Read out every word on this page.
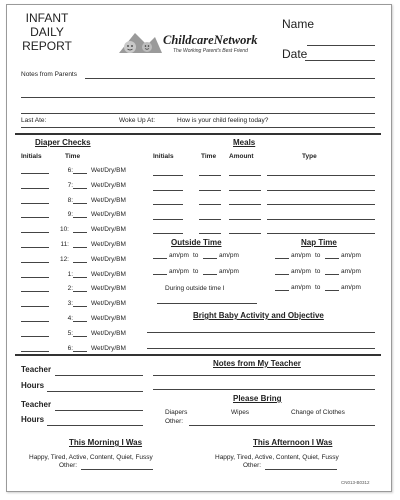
INFANT
DAILY
REPORT	ChildcareNetwork
The Working Parent's Best Friend
Name
Date
Notes from Parents
Last Ate:	Woke Up At:	How is your child feeling today?
Diaper Checks
Initials	Time
Meals
Initials	Time Amount	Type
Outside Time
During outside time I
Nap Time
Bright Baby Activity and Objective
Teacher
Hours
Teacher
Hours
Notes from My Teacher
Please Bring
Diapers	Wipes	Change of Clothes
Other:
This Morning I Was
Happy, Tired, Active, Content, Quiet, Fussy
Other:
This Afternoon I Was
Happy, Tired, Active, Content, Quiet, Fussy
Other:
CN013-B0312
6:	Wet/Dry/BM
7:	Wet/Dry/BM
8:	Wet/Dry/BM
9:	Wet/Dry/BM
10:	Wet/Dry/BM
11:	Wet/Dry/BM
12:	Wet/Dry/BM
1:	Wet/Dry/BM
2:	Wet/Dry/BM
3:	Wet/Dry/BM
4:	Wet/Dry/BM
5:	Wet/Dry/BM
6:	Wet/Dry/BM
am/pm to	am/pm
am/pm to	am/pm
am/pm to	am/pm
am/pm to	am/pm
am/pm to	am/pm
